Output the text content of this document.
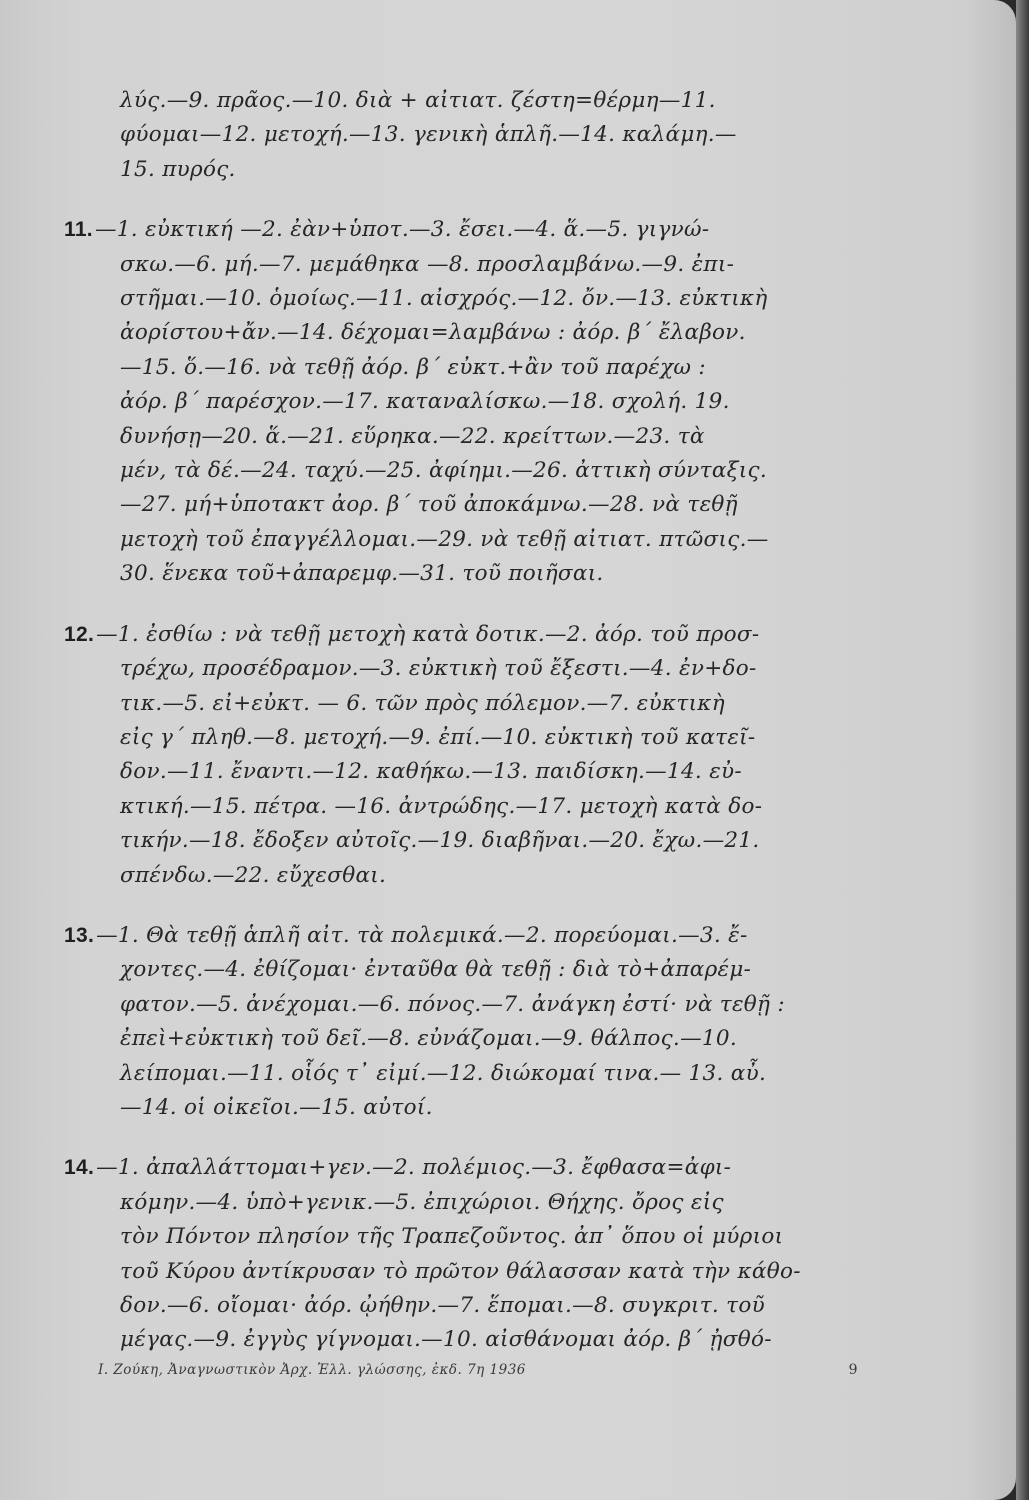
λύς.—9. πρᾶος.—10. διὰ + αἰτιατ. ζέστη=θέρμη—11.
φύομαι—12. μετοχή.—13. γενικὴ ἁπλῆ.—14. καλάμη.—
15. πυρός.
11.—1. εὐκτική —2. ἐὰν+ὑποτ.—3. ἔσει.—4. ἅ.—5. γιγνώ-
σκω.—6. μή.—7. μεμάθηκα —8. προσλαμβάνω.—9. ἐπι-
στῆμαι.—10. ὁμοίως.—11. αἰσχρός.—12. ὄν.—13. εὐκτικὴ
ἀορίστου+ἄν.—14. δέχομαι=λαμβάνω : ἀόρ. β΄ ἔλαβον.
—15. ὅ.—16. νὰ τεθῇ ἀόρ. β΄ εὐκτ.+ἂν τοῦ παρέχω :
ἀόρ. β΄ παρέσχον.—17. καταναλίσκω.—18. σχολή. 19.
δυνήσῃ—20. ἅ.—21. εὕρηκα.—22. κρείττων.—23. τὰ
μέν, τὰ δέ.—24. ταχύ.—25. ἀφίημι.—26. ἀττικὴ σύνταξις.
—27. μή+ὑποτακτ ἀορ. β΄ τοῦ ἀποκάμνω.—28. νὰ τεθῇ
μετοχὴ τοῦ ἐπαγγέλλομαι.—29. νὰ τεθῇ αἰτιατ. πτῶσις.—
30. ἕνεκα τοῦ+ἀπαρεμφ.—31. τοῦ ποιῆσαι.
12.—1. ἐσθίω : νὰ τεθῇ μετοχὴ κατὰ δοτικ.—2. ἀόρ. τοῦ προσ-
τρέχω, προσέδραμον.—3. εὐκτικὴ τοῦ ἔξεστι.—4. ἐν+δο-
τικ.—5. εἰ+εὐκτ. — 6. τῶν πρὸς πόλεμον.—7. εὐκτικὴ
εἰς γ΄ πληθ.—8. μετοχή.—9. ἐπί.—10. εὐκτικὴ τοῦ κατεῖ-
δον.—11. ἔναντι.—12. καθήκω.—13. παιδίσκη.—14. εὐ-
κτική.—15. πέτρα. —16. ἀντρώδης.—17. μετοχὴ κατὰ δο-
τικήν.—18. ἔδοξεν αὐτοῖς.—19. διαβῆναι.—20. ἔχω.—21.
σπένδω.—22. εὔχεσθαι.
13.—1. Θὰ τεθῇ ἁπλῆ αἰτ. τὰ πολεμικά.—2. πορεύομαι.—3. ἔ-
χοντες.—4. ἐθίζομαι· ἐνταῦθα θὰ τεθῇ : διὰ τὸ+ἀπαρέμ-
φατον.—5. ἀνέχομαι.—6. πόνος.—7. ἀνάγκη ἐστί· νὰ τεθῇ :
ἐπεὶ+εὐκτικὴ τοῦ δεῖ.—8. εὐνάζομαι.—9. θάλπος.—10.
λείπομαι.—11. οἷός τ᾽ εἰμί.—12. διώκομαί τινα.— 13. αὖ.
—14. οἱ οἰκεῖοι.—15. αὐτοί.
14.—1. ἀπαλλάττομαι+γεν.—2. πολέμιος.—3. ἔφθασα=ἀφι-
κόμην.—4. ὑπὸ+γενικ.—5. ἐπιχώριοι. Θήχης. ὄρος εἰς
τὸν Πόντον πλησίον τῆς Τραπεζοῦντος. ἀπ᾽ ὅπου οἱ μύριοι
τοῦ Κύρου ἀντίκρυσαν τὸ πρῶτον θάλασσαν κατὰ τὴν κάθο-
δον.—6. οἴομαι· ἀόρ. ᾠήθην.—7. ἕπομαι.—8. συγκριτ. τοῦ
μέγας.—9. ἐγγὺς γίγνομαι.—10. αἰσθάνομαι ἀόρ. β΄ ᾐσθό-
Ι. Ζούκη, Ἀναγνωστικὸν Ἀρχ. Ἑλλ. γλώσσης, ἐκδ. 7η 1936	9
